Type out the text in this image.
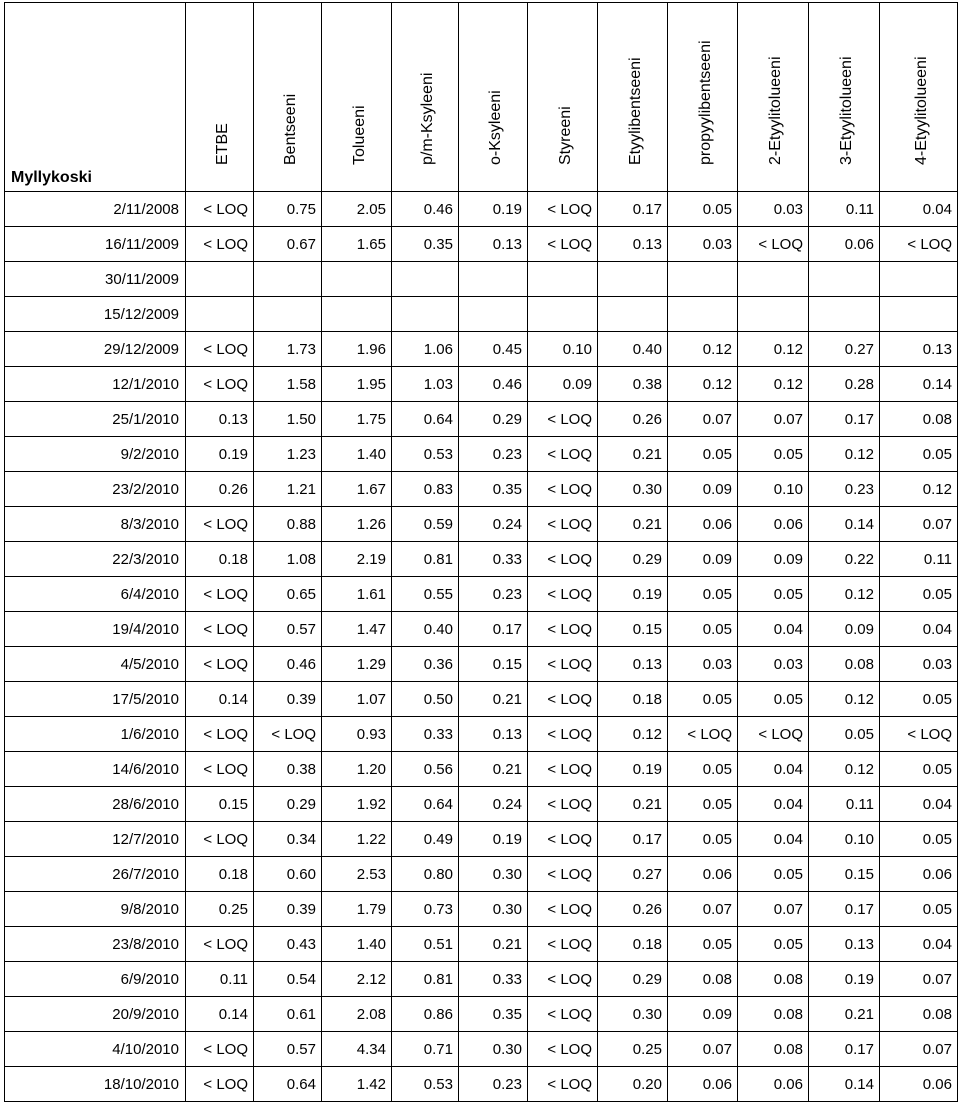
Myllykoski	ETBE	Bentseeni	Tolueeni	p/m-Ksyleeni	o-Ksyleeni	Styreeni	Etyylibentseeni	propyylibentseeni	2-Etyylitolueeni	3-Etyylitolueeni	4-Etyylitolueeni

2/11/2008	< LOQ	0.75	2.05	0.46	0.19	< LOQ	0.17	0.05	0.03	0.11	0.04
16/11/2009	< LOQ	0.67	1.65	0.35	0.13	< LOQ	0.13	0.03	< LOQ	0.06	< LOQ
30/11/2009											
15/12/2009											
29/12/2009	< LOQ	1.73	1.96	1.06	0.45	0.10	0.40	0.12	0.12	0.27	0.13
12/1/2010	< LOQ	1.58	1.95	1.03	0.46	0.09	0.38	0.12	0.12	0.28	0.14
25/1/2010	0.13	1.50	1.75	0.64	0.29	< LOQ	0.26	0.07	0.07	0.17	0.08
9/2/2010	0.19	1.23	1.40	0.53	0.23	< LOQ	0.21	0.05	0.05	0.12	0.05
23/2/2010	0.26	1.21	1.67	0.83	0.35	< LOQ	0.30	0.09	0.10	0.23	0.12
8/3/2010	< LOQ	0.88	1.26	0.59	0.24	< LOQ	0.21	0.06	0.06	0.14	0.07
22/3/2010	0.18	1.08	2.19	0.81	0.33	< LOQ	0.29	0.09	0.09	0.22	0.11
6/4/2010	< LOQ	0.65	1.61	0.55	0.23	< LOQ	0.19	0.05	0.05	0.12	0.05
19/4/2010	< LOQ	0.57	1.47	0.40	0.17	< LOQ	0.15	0.05	0.04	0.09	0.04
4/5/2010	< LOQ	0.46	1.29	0.36	0.15	< LOQ	0.13	0.03	0.03	0.08	0.03
17/5/2010	0.14	0.39	1.07	0.50	0.21	< LOQ	0.18	0.05	0.05	0.12	0.05
1/6/2010	< LOQ	< LOQ	0.93	0.33	0.13	< LOQ	0.12	< LOQ	< LOQ	0.05	< LOQ
14/6/2010	< LOQ	0.38	1.20	0.56	0.21	< LOQ	0.19	0.05	0.04	0.12	0.05
28/6/2010	0.15	0.29	1.92	0.64	0.24	< LOQ	0.21	0.05	0.04	0.11	0.04
12/7/2010	< LOQ	0.34	1.22	0.49	0.19	< LOQ	0.17	0.05	0.04	0.10	0.05
26/7/2010	0.18	0.60	2.53	0.80	0.30	< LOQ	0.27	0.06	0.05	0.15	0.06
9/8/2010	0.25	0.39	1.79	0.73	0.30	< LOQ	0.26	0.07	0.07	0.17	0.05
23/8/2010	< LOQ	0.43	1.40	0.51	0.21	< LOQ	0.18	0.05	0.05	0.13	0.04
6/9/2010	0.11	0.54	2.12	0.81	0.33	< LOQ	0.29	0.08	0.08	0.19	0.07
20/9/2010	0.14	0.61	2.08	0.86	0.35	< LOQ	0.30	0.09	0.08	0.21	0.08
4/10/2010	< LOQ	0.57	4.34	0.71	0.30	< LOQ	0.25	0.07	0.08	0.17	0.07
18/10/2010	< LOQ	0.64	1.42	0.53	0.23	< LOQ	0.20	0.06	0.06	0.14	0.06
